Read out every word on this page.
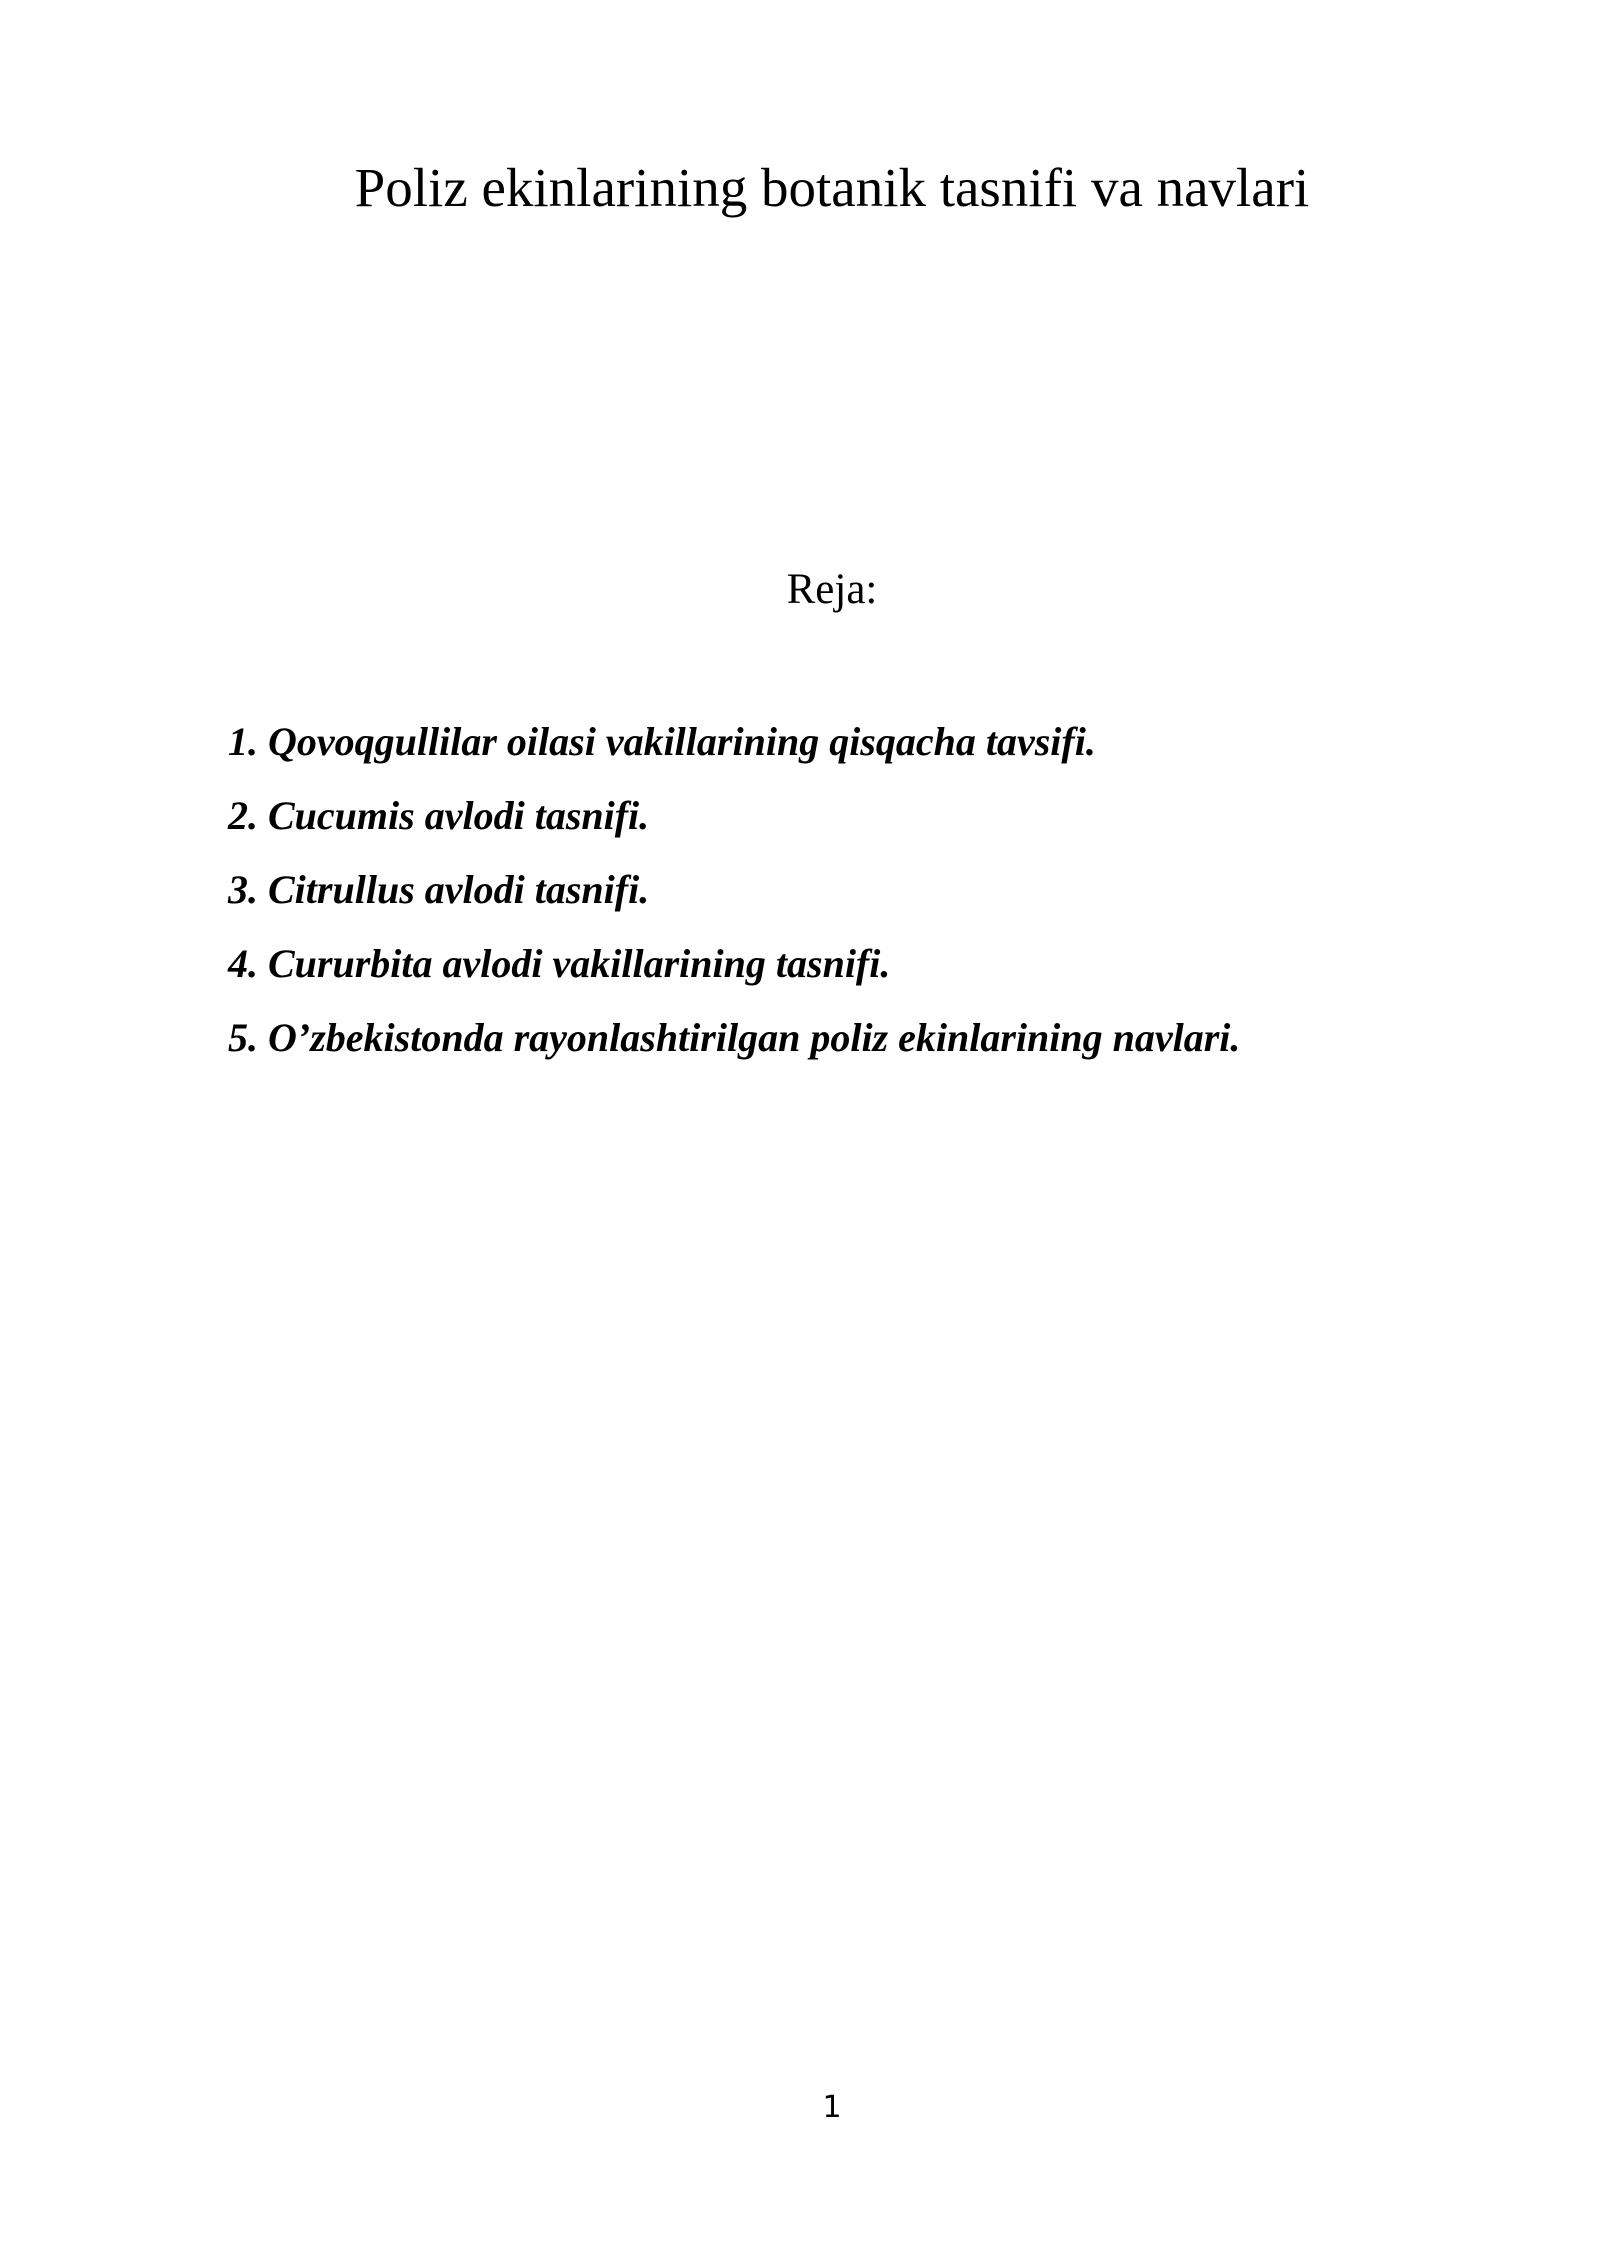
Poliz ekinlarining botanik tasnifi va navlari
Reja:
1. Qovoqgullilar oilasi vakillarining qisqacha tavsifi.
2. Cucumis avlodi tasnifi.
3. Citrullus avlodi tasnifi.
4. Cururbita avlodi vakillarining tasnifi.
5. O’zbekistonda rayonlashtirilgan poliz ekinlarining navlari.
1
